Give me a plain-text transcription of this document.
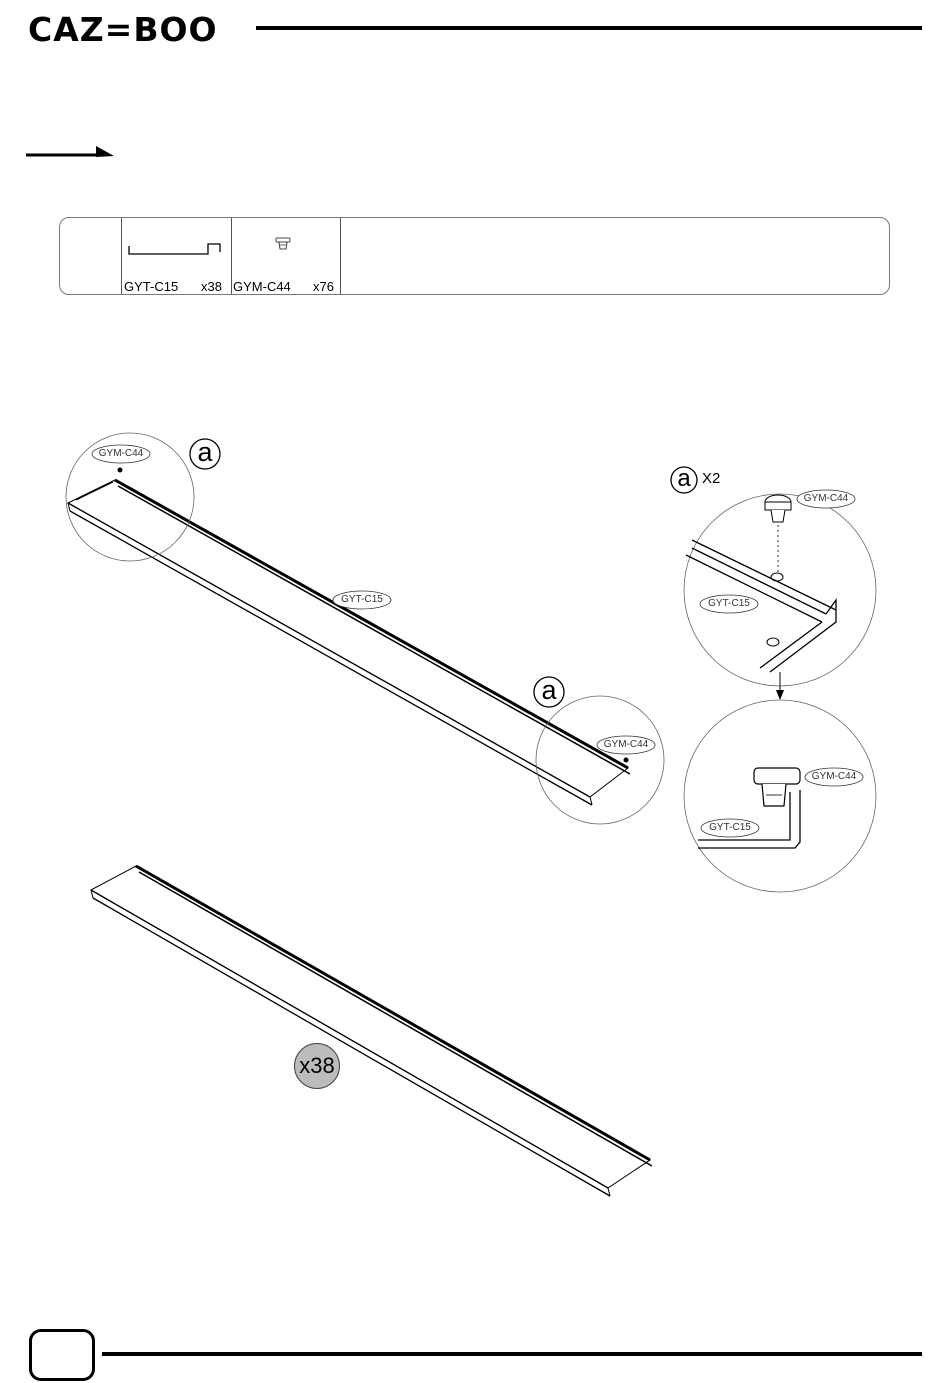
CAZ=BOO
GYT-C15 x38 GYM-C44 x76
GYM-C44
GYT-C15
GYM-C44
GYM-C44
GYT-C15
GYM-C44
GYT-C15
a
a
a X2
x38
